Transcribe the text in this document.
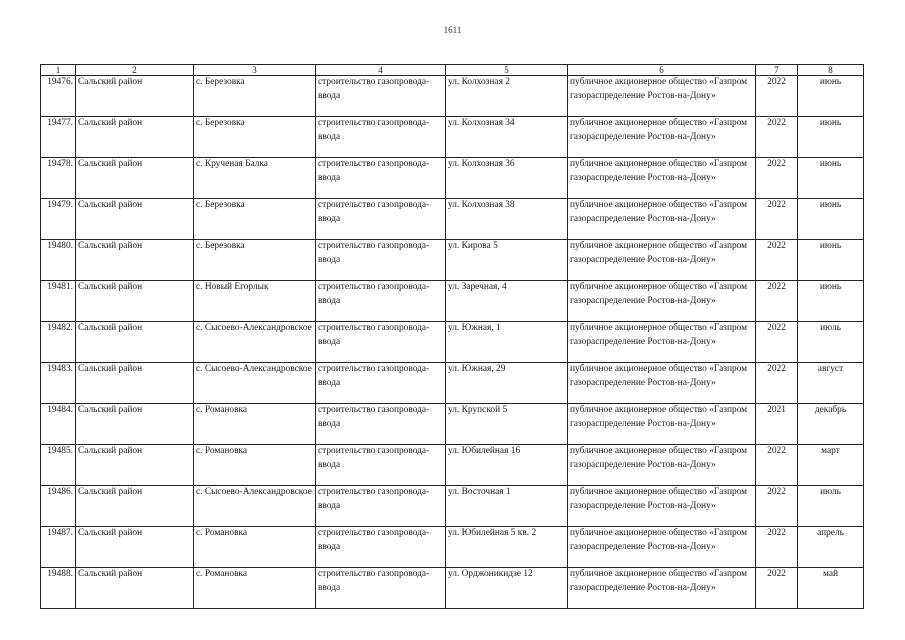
1611
1	2	3	4	5	6	7	8
19476.	Сальский район	с. Березовка	строительство газопровода-ввода	ул. Колхозная 2	публичное акционерное общество «Газпром газораспределение Ростов-на-Дону»	2022	июнь
19477.	Сальский район	с. Березовка	строительство газопровода-ввода	ул. Колхозная 34	публичное акционерное общество «Газпром газораспределение Ростов-на-Дону»	2022	июнь
19478.	Сальский район	с. Крученая Балка	строительство газопровода-ввода	ул. Колхозная 36	публичное акционерное общество «Газпром газораспределение Ростов-на-Дону»	2022	июнь
19479.	Сальский район	с. Березовка	строительство газопровода-ввода	ул. Колхозная 38	публичное акционерное общество «Газпром газораспределение Ростов-на-Дону»	2022	июнь
19480.	Сальский район	с. Березовка	строительство газопровода-ввода	ул. Кирова 5	публичное акционерное общество «Газпром газораспределение Ростов-на-Дону»	2022	июнь
19481.	Сальский район	с. Новый Егорлык	строительство газопровода-ввода	ул. Заречная, 4	публичное акционерное общество «Газпром газораспределение Ростов-на-Дону»	2022	июнь
19482.	Сальский район	с. Сысоево-Александровское	строительство газопровода-ввода	ул. Южная, 1	публичное акционерное общество «Газпром газораспределение Ростов-на-Дону»	2022	июль
19483.	Сальский район	с. Сысоево-Александровское	строительство газопровода-ввода	ул. Южная, 29	публичное акционерное общество «Газпром газораспределение Ростов-на-Дону»	2022	август
19484.	Сальский район	с. Романовка	строительство газопровода-ввода	ул. Крупской 5	публичное акционерное общество «Газпром газораспределение Ростов-на-Дону»	2021	декабрь
19485.	Сальский район	с. Романовка	строительство газопровода-ввода	ул. Юбилейная 16	публичное акционерное общество «Газпром газораспределение Ростов-на-Дону»	2022	март
19486.	Сальский район	с. Сысоево-Александровское	строительство газопровода-ввода	ул. Восточная 1	публичное акционерное общество «Газпром газораспределение Ростов-на-Дону»	2022	июль
19487.	Сальский район	с. Романовка	строительство газопровода-ввода	ул. Юбилейная 5 кв. 2	публичное акционерное общество «Газпром газораспределение Ростов-на-Дону»	2022	апрель
19488.	Сальский район	с. Романовка	строительство газопровода-ввода	ул. Орджоникидзе 12	публичное акционерное общество «Газпром газораспределение Ростов-на-Дону»	2022	май
